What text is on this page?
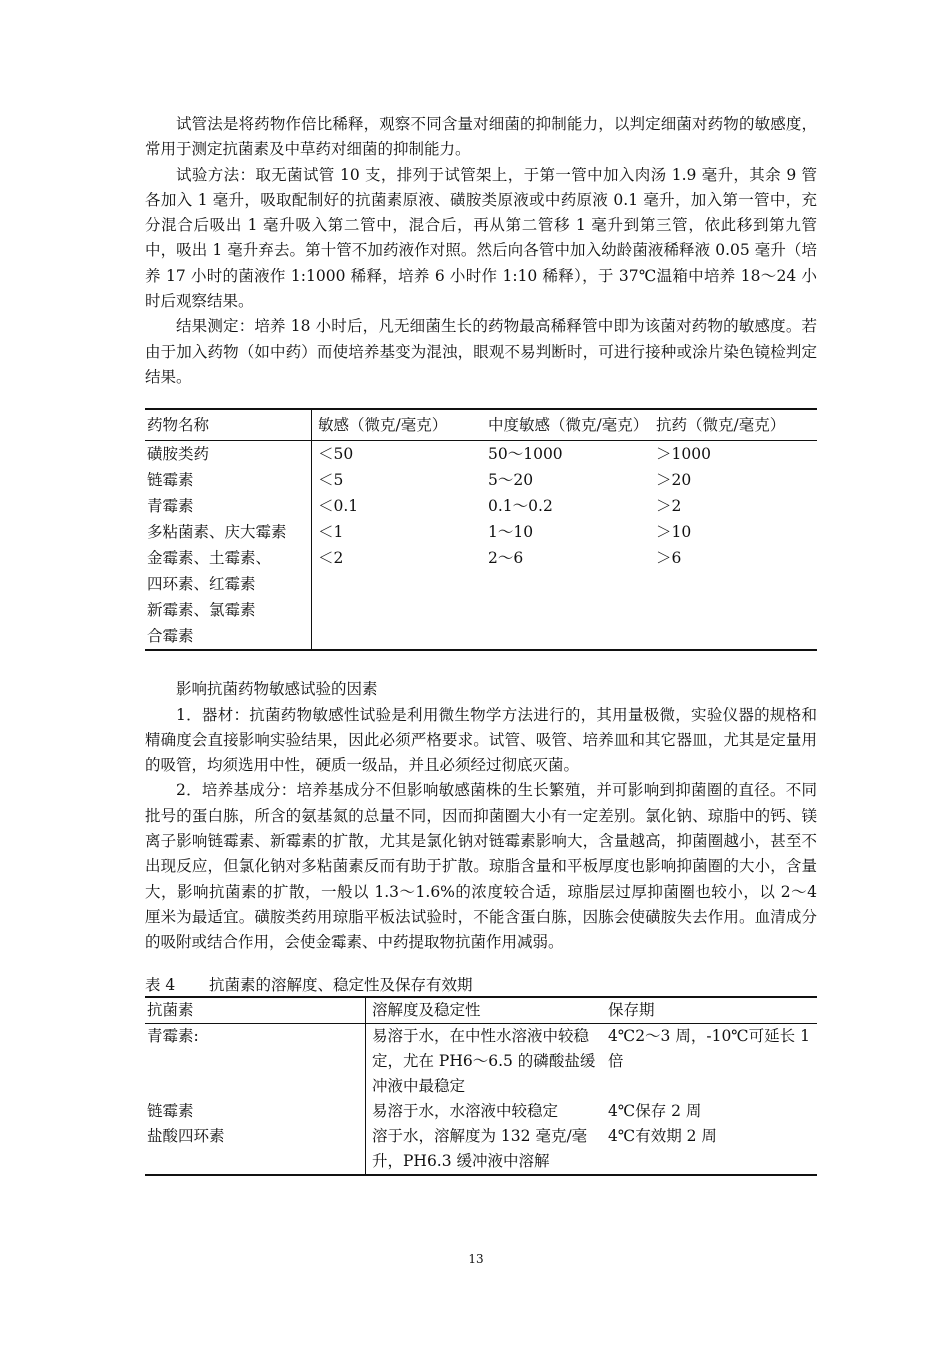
试管法是将药物作倍比稀释，观察不同含量对细菌的抑制能力，以判定细菌对药物的敏感度，常用于测定抗菌素及中草药对细菌的抑制能力。

试验方法：取无菌试管 10 支，排列于试管架上，于第一管中加入肉汤 1.9 毫升，其余 9 管各加入 1 毫升，吸取配制好的抗菌素原液、磺胺类原液或中药原液 0.1 毫升，加入第一管中，充分混合后吸出 1 毫升吸入第二管中，混合后，再从第二管移 1 毫升到第三管，依此移到第九管中，吸出 1 毫升弃去。第十管不加药液作对照。然后向各管中加入幼龄菌液稀释液 0.05 毫升（培养 17 小时的菌液作 1:1000 稀释，培养 6 小时作 1:10 稀释），于 37℃温箱中培养 18～24 小时后观察结果。

结果测定：培养 18 小时后，凡无细菌生长的药物最高稀释管中即为该菌对药物的敏感度。若由于加入药物（如中药）而使培养基变为混浊，眼观不易判断时，可进行接种或涂片染色镜检判定结果。

药物名称	敏感（微克/毫克）	中度敏感（微克/毫克）	抗药（微克/毫克）
磺胺类药	＜50	50～1000	＞1000
链霉素	＜5	5～20	＞20
青霉素	＜0.1	0.1～0.2	＞2
多粘菌素、庆大霉素	＜1	1～10	＞10
金霉素、土霉素、	＜2	2～6	＞6
四环素、红霉素			
新霉素、氯霉素			
合霉素			

影响抗菌药物敏感试验的因素

1．器材：抗菌药物敏感性试验是利用微生物学方法进行的，其用量极微，实验仪器的规格和精确度会直接影响实验结果，因此必须严格要求。试管、吸管、培养皿和其它器皿，尤其是定量用的吸管，均须选用中性，硬质一级品，并且必须经过彻底灭菌。

2．培养基成分：培养基成分不但影响敏感菌株的生长繁殖，并可影响到抑菌圈的直径。不同批号的蛋白胨，所含的氨基氮的总量不同，因而抑菌圈大小有一定差别。氯化钠、琼脂中的钙、镁离子影响链霉素、新霉素的扩散，尤其是氯化钠对链霉素影响大，含量越高，抑菌圈越小，甚至不出现反应，但氯化钠对多粘菌素反而有助于扩散。琼脂含量和平板厚度也影响抑菌圈的大小，含量大，影响抗菌素的扩散，一般以 1.3～1.6%的浓度较合适，琼脂层过厚抑菌圈也较小，以 2～4 厘米为最适宜。磺胺类药用琼脂平板法试验时，不能含蛋白胨，因胨会使磺胺失去作用。血清成分的吸附或结合作用，会使金霉素、中药提取物抗菌作用减弱。

表 4 抗菌素的溶解度、稳定性及保存有效期
抗菌素	溶解度及稳定性	保存期
青霉素:	易溶于水，在中性水溶液中较稳定，尤在 PH6～6.5 的磷酸盐缓冲液中最稳定	4℃2～3 周，-10℃可延长 1 倍
链霉素	易溶于水，水溶液中较稳定	4℃保存 2 周
盐酸四环素	溶于水，溶解度为 132 毫克/毫升，PH6.3 缓冲液中溶解	4℃有效期 2 周
13
